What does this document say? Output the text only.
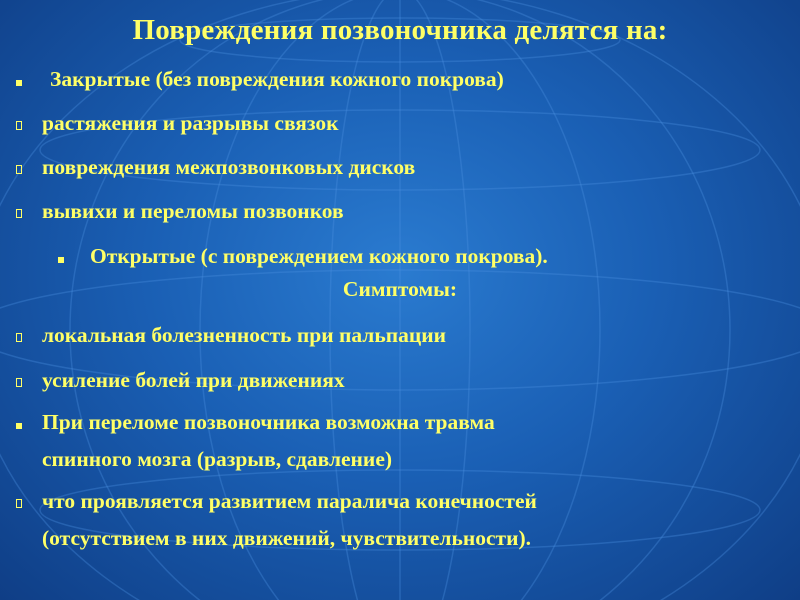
Повреждения позвоночника делятся на:
Закрытые (без повреждения кожного покрова)
растяжения и разрывы связок
повреждения межпозвонковых дисков
вывихи и переломы позвонков
Открытые (с повреждением кожного покрова).
Симптомы:
локальная болезненность при пальпации
усиление болей при движениях
При переломе позвоночника возможна травма
спинного мозга (разрыв, сдавление)
что проявляется развитием паралича конечностей
(отсутствием в них движений, чувствительности).
